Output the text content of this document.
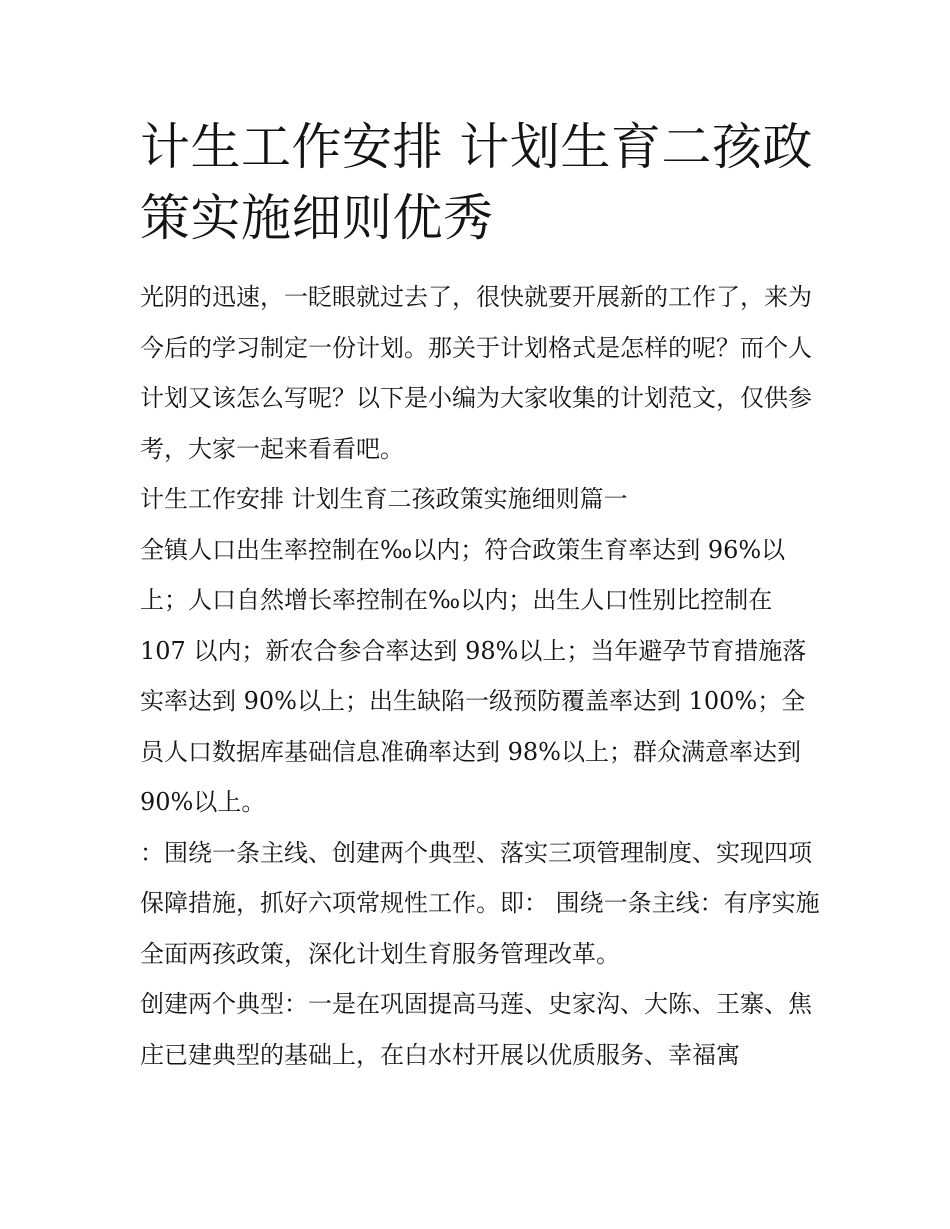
计生工作安排 计划生育二孩政策实施细则优秀

光阴的迅速，一眨眼就过去了，很快就要开展新的工作了，来为今后的学习制定一份计划。那关于计划格式是怎样的呢？而个人计划又该怎么写呢？以下是小编为大家收集的计划范文，仅供参考，大家一起来看看吧。

计生工作安排 计划生育二孩政策实施细则篇一

全镇人口出生率控制在‰以内；符合政策生育率达到 96%以上；人口自然增长率控制在‰以内；出生人口性别比控制在 107 以内；新农合参合率达到 98%以上；当年避孕节育措施落实率达到 90%以上；出生缺陷一级预防覆盖率达到 100%；全员人口数据库基础信息准确率达到 98%以上；群众满意率达到 90%以上。

：围绕一条主线、创建两个典型、落实三项管理制度、实现四项保障措施，抓好六项常规性工作。即： 围绕一条主线：有序实施全面两孩政策，深化计划生育服务管理改革。

创建两个典型：一是在巩固提高马莲、史家沟、大陈、王寨、焦庄已建典型的基础上，在白水村开展以优质服务、幸福寓
